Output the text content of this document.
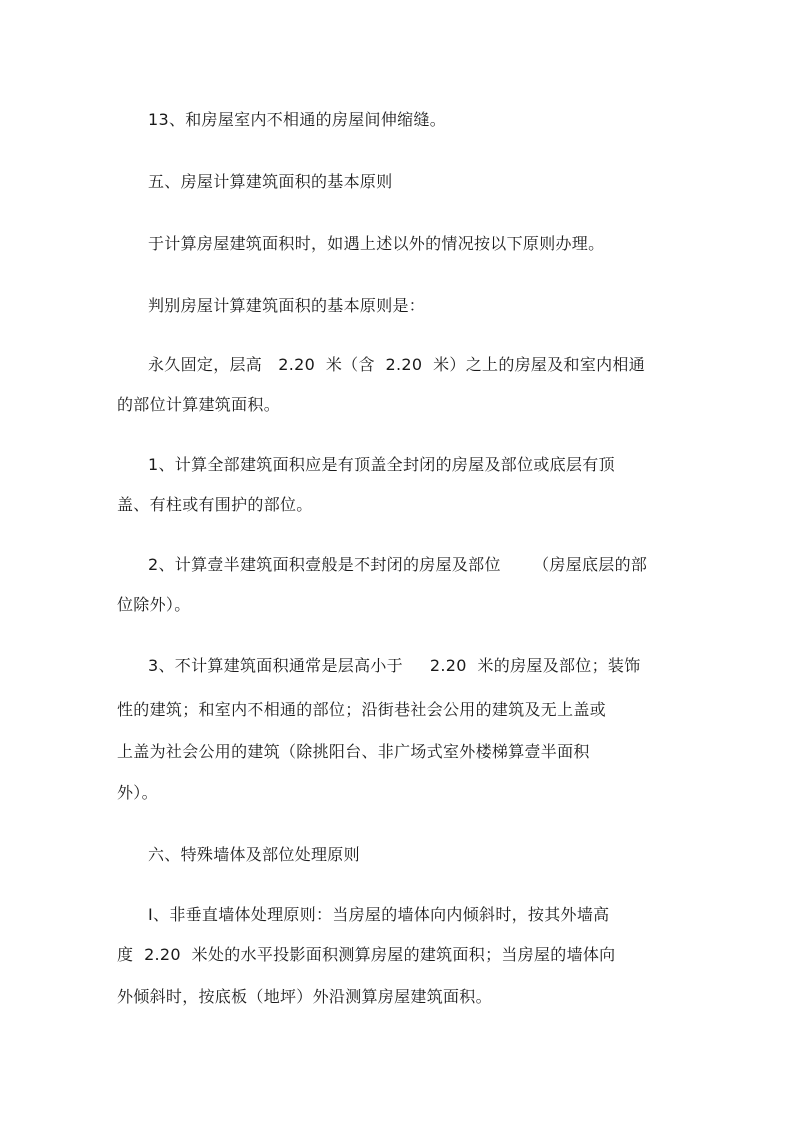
13、和房屋室内不相通的房屋间伸缩缝。
五、房屋计算建筑面积的基本原则
于计算房屋建筑面积时，如遇上述以外的情况按以下原则办理。
判别房屋计算建筑面积的基本原则是：
永久固定，层高   2.20  米（含  2.20  米）之上的房屋及和室内相通
的部位计算建筑面积。
1、计算全部建筑面积应是有顶盖全封闭的房屋及部位或底层有顶
盖、有柱或有围护的部位。
2、计算壹半建筑面积壹般是不封闭的房屋及部位      （房屋底层的部
位除外）。
3、不计算建筑面积通常是层高小于     2.20  米的房屋及部位；装饰
性的建筑；和室内不相通的部位；沿街巷社会公用的建筑及无上盖或
上盖为社会公用的建筑（除挑阳台、非广场式室外楼梯算壹半面积
外）。
六、特殊墙体及部位处理原则
Ⅰ、非垂直墙体处理原则：当房屋的墙体向内倾斜时，按其外墙高
度  2.20  米处的水平投影面积测算房屋的建筑面积；当房屋的墙体向
外倾斜时，按底板（地坪）外沿测算房屋建筑面积。
